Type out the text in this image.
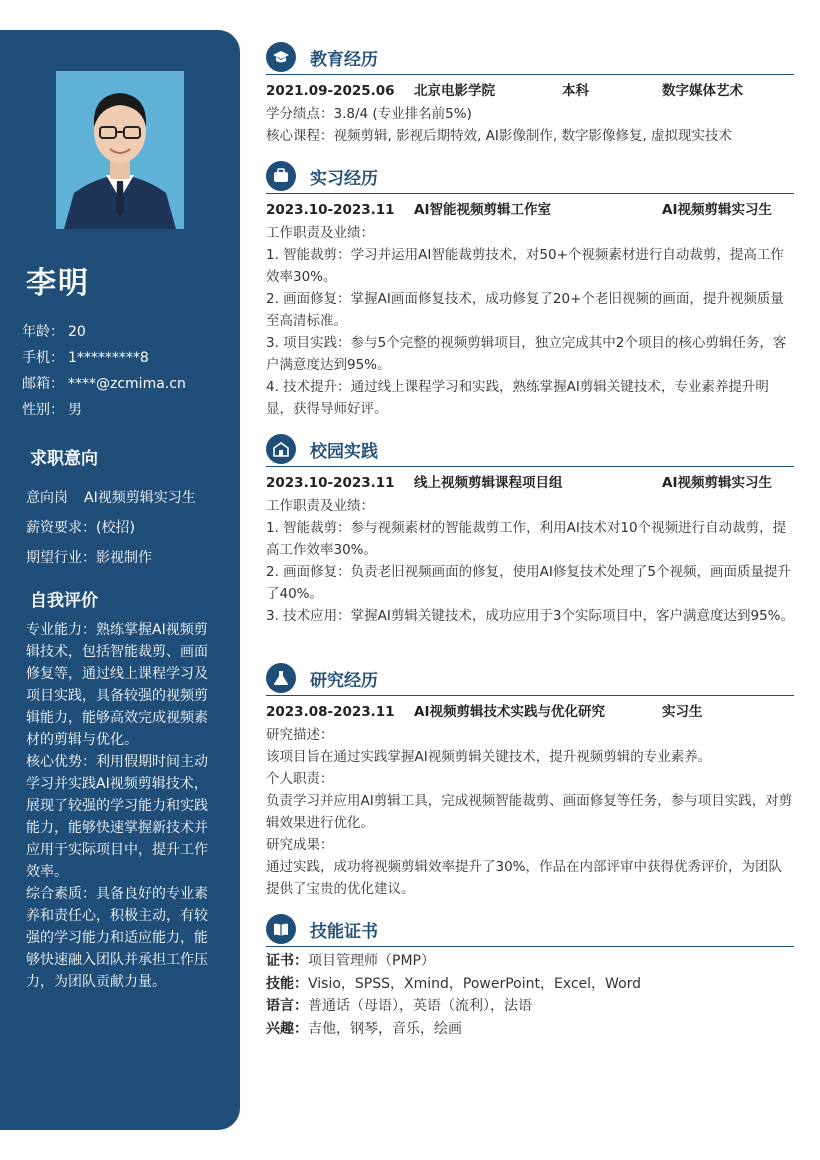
李明
年龄： 20
手机： 1*********8
邮箱： ****@zcmima.cn
性别： 男
求职意向
意向岗 AI视频剪辑实习生
薪资要求：(校招)
期望行业：影视制作
自我评价

专业能力：熟练掌握AI视频剪辑技术，包括智能裁剪、画面修复等，通过线上课程学习及项目实践，具备较强的视频剪辑能力，能够高效完成视频素材的剪辑与优化。

核心优势：利用假期时间主动学习并实践AI视频剪辑技术，展现了较强的学习能力和实践能力，能够快速掌握新技术并应用于实际项目中，提升工作效率。

综合素质：具备良好的专业素养和责任心，积极主动，有较强的学习能力和适应能力，能够快速融入团队并承担工作压力，为团队贡献力量。

教育经历
2021.09-2025.06 北京电影学院	本科	数字媒体艺术

学分绩点：3.8/4 (专业排名前5%)

核心课程：视频剪辑, 影视后期特效, AI影像制作, 数字影像修复, 虚拟现实技术

实习经历
2023.10-2023.11 AI智能视频剪辑工作室	AI视频剪辑实习生

工作职责及业绩：

1. 智能裁剪：学习并运用AI智能裁剪技术，对50+个视频素材进行自动裁剪，提高工作效率30%。

2. 画面修复：掌握AI画面修复技术，成功修复了20+个老旧视频的画面，提升视频质量至高清标准。

3. 项目实践：参与5个完整的视频剪辑项目，独立完成其中2个项目的核心剪辑任务，客户满意度达到95%。

4. 技术提升：通过线上课程学习和实践，熟练掌握AI剪辑关键技术，专业素养提升明显，获得导师好评。

校园实践
2023.10-2023.11 线上视频剪辑课程项目组	AI视频剪辑实习生

工作职责及业绩：

1. 智能裁剪：参与视频素材的智能裁剪工作，利用AI技术对10个视频进行自动裁剪，提高工作效率30%。

2. 画面修复：负责老旧视频画面的修复，使用AI修复技术处理了5个视频，画面质量提升了40%。

3. 技术应用：掌握AI剪辑关键技术，成功应用于3个实际项目中，客户满意度达到95%。

研究经历
2023.08-2023.11 AI视频剪辑技术实践与优化研究	实习生

研究描述：

该项目旨在通过实践掌握AI视频剪辑关键技术，提升视频剪辑的专业素养。

个人职责：

负责学习并应用AI剪辑工具，完成视频智能裁剪、画面修复等任务，参与项目实践，对剪辑效果进行优化。

研究成果：

通过实践，成功将视频剪辑效率提升了30%，作品在内部评审中获得优秀评价，为团队提供了宝贵的优化建议。

技能证书

证书：项目管理师（PMP）

技能：Visio，SPSS，Xmind，PowerPoint，Excel，Word

语言：普通话（母语），英语（流利），法语

兴趣：吉他，钢琴，音乐，绘画
